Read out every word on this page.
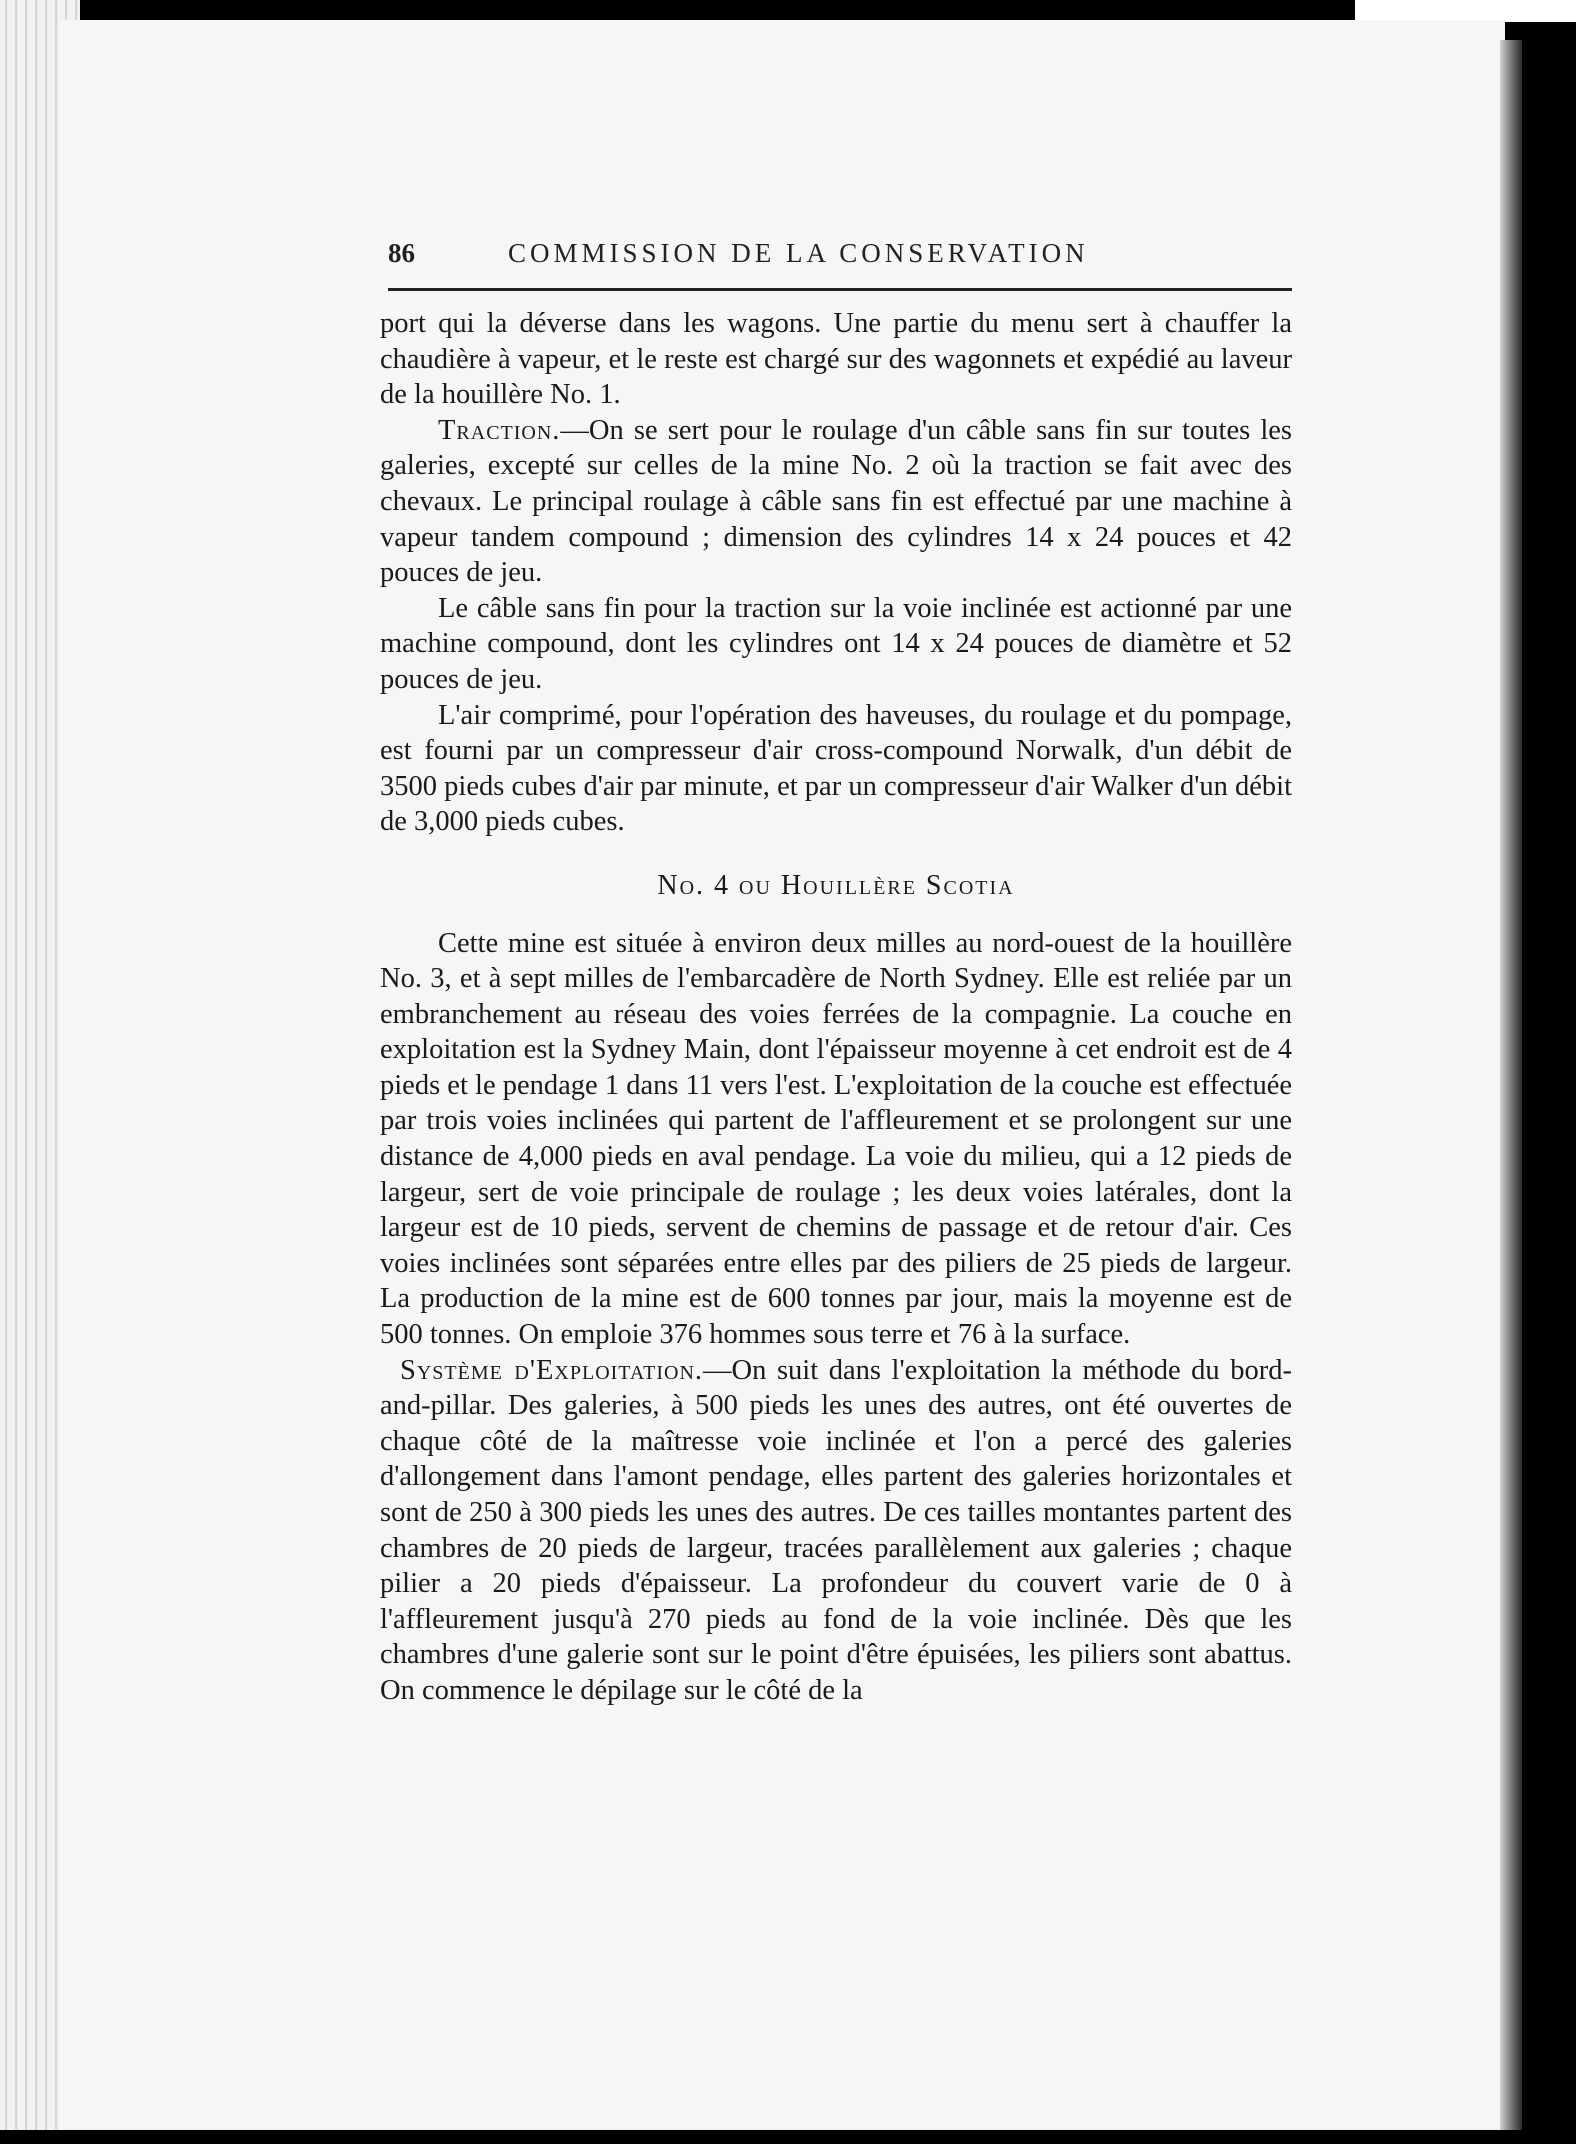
86	COMMISSION DE LA CONSERVATION

port qui la déverse dans les wagons. Une partie du menu sert à chauffer la chaudière à vapeur, et le reste est chargé sur des wagonnets et expédié au laveur de la houillère No. 1.

Traction.—On se sert pour le roulage d'un câble sans fin sur toutes les galeries, excepté sur celles de la mine No. 2 où la traction se fait avec des chevaux. Le principal roulage à câble sans fin est effectué par une machine à vapeur tandem compound ; dimension des cylindres 14 x 24 pouces et 42 pouces de jeu.

Le câble sans fin pour la traction sur la voie inclinée est actionné par une machine compound, dont les cylindres ont 14 x 24 pouces de diamètre et 52 pouces de jeu.

L'air comprimé, pour l'opération des haveuses, du roulage et du pompage, est fourni par un compresseur d'air cross-compound Norwalk, d'un débit de 3500 pieds cubes d'air par minute, et par un compresseur d'air Walker d'un débit de 3,000 pieds cubes.

No. 4 ou Houillère Scotia

Cette mine est située à environ deux milles au nord-ouest de la houillère No. 3, et à sept milles de l'embarcadère de North Sydney. Elle est reliée par un embranchement au réseau des voies ferrées de la compagnie. La couche en exploitation est la Sydney Main, dont l'épaisseur moyenne à cet endroit est de 4 pieds et le pendage 1 dans 11 vers l'est. L'exploitation de la couche est effectuée par trois voies inclinées qui partent de l'affleurement et se prolongent sur une distance de 4,000 pieds en aval pendage. La voie du milieu, qui a 12 pieds de largeur, sert de voie principale de roulage ; les deux voies latérales, dont la largeur est de 10 pieds, servent de chemins de passage et de retour d'air. Ces voies inclinées sont séparées entre elles par des piliers de 25 pieds de largeur. La production de la mine est de 600 tonnes par jour, mais la moyenne est de 500 tonnes. On emploie 376 hommes sous terre et 76 à la surface.

Système d'Exploitation.—On suit dans l'exploitation la méthode du bord-and-pillar. Des galeries, à 500 pieds les unes des autres, ont été ouvertes de chaque côté de la maîtresse voie inclinée et l'on a percé des galeries d'allongement dans l'amont pendage, elles partent des galeries horizontales et sont de 250 à 300 pieds les unes des autres. De ces tailles montantes partent des chambres de 20 pieds de largeur, tracées parallèlement aux galeries ; chaque pilier a 20 pieds d'épaisseur. La profondeur du couvert varie de 0 à l'affleurement jusqu'à 270 pieds au fond de la voie inclinée. Dès que les chambres d'une galerie sont sur le point d'être épuisées, les piliers sont abattus. On commence le dépilage sur le côté de la
